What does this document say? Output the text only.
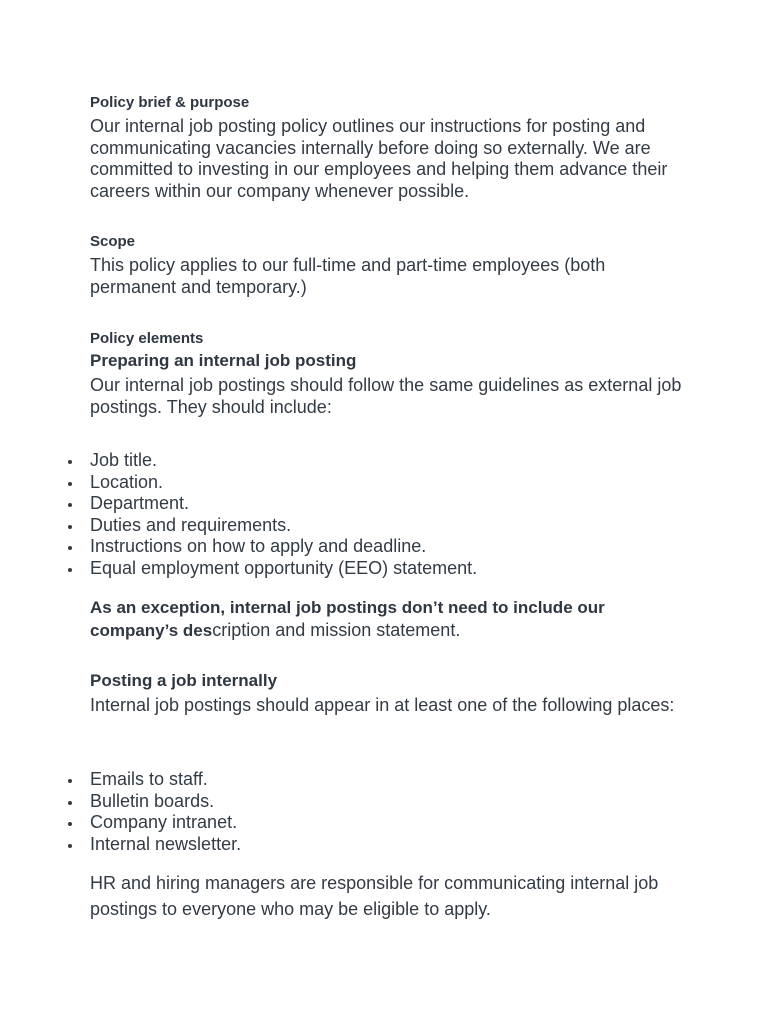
Policy brief & purpose
Our internal job posting policy outlines our instructions for posting and communicating vacancies internally before doing so externally. We are committed to investing in our employees and helping them advance their careers within our company whenever possible.
Scope
This policy applies to our full-time and part-time employees (both permanent and temporary.)
Policy elements
Preparing an internal job posting
Our internal job postings should follow the same guidelines as external job postings. They should include:
Job title.
Location.
Department.
Duties and requirements.
Instructions on how to apply and deadline.
Equal employment opportunity (EEO) statement.
As an exception, internal job postings don’t need to include our
company’s description and mission statement.
Posting a job internally
Internal job postings should appear in at least one of the following places:
Emails to staff.
Bulletin boards.
Company intranet.
Internal newsletter.
HR and hiring managers are responsible for communicating internal job postings to everyone who may be eligible to apply.
